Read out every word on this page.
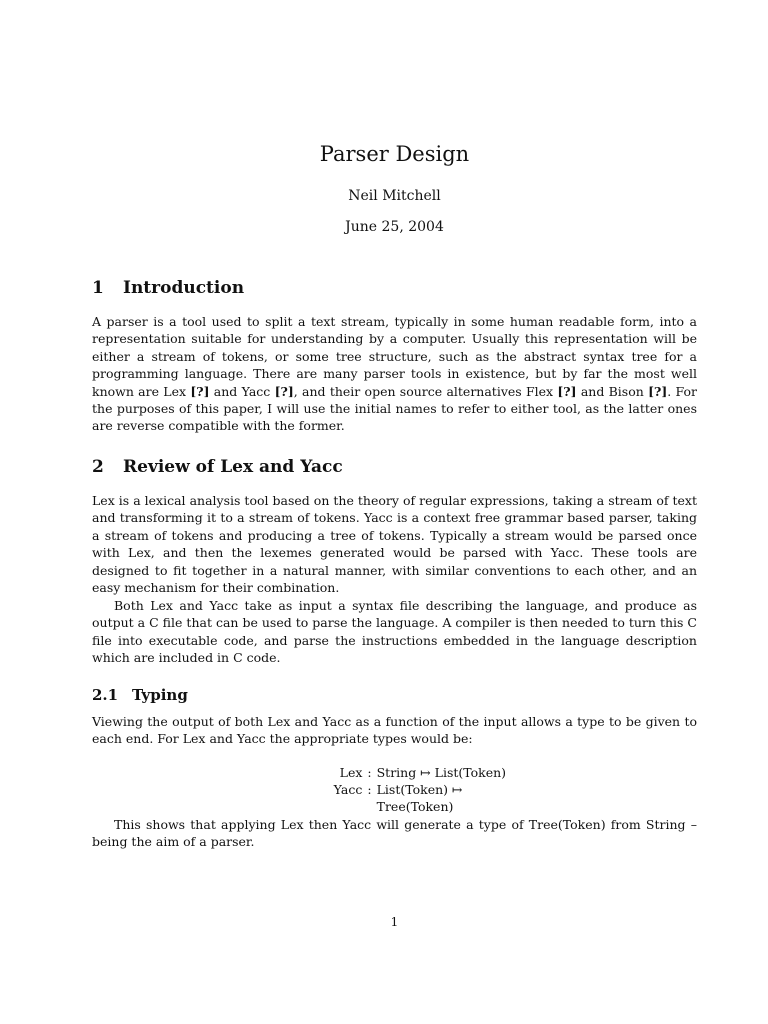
Parser Design
Neil Mitchell
June 25, 2004
1 Introduction

A parser is a tool used to split a text stream, typically in some human readable form, into a representation suitable for understanding by a computer. Usually this representation will be either a stream of tokens, or some tree structure, such as the abstract syntax tree for a programming language. There are many parser tools in existence, but by far the most well known are Lex [?] and Yacc [?], and their open source alternatives Flex [?] and Bison [?]. For the purposes of this paper, I will use the initial names to refer to either tool, as the latter ones are reverse compatible with the former.

2 Review of Lex and Yacc

Lex is a lexical analysis tool based on the theory of regular expressions, taking a stream of text and transforming it to a stream of tokens. Yacc is a context free grammar based parser, taking a stream of tokens and producing a tree of tokens. Typically a stream would be parsed once with Lex, and then the lexemes generated would be parsed with Yacc. These tools are designed to fit together in a natural manner, with similar conventions to each other, and an easy mechanism for their combination.

Both Lex and Yacc take as input a syntax file describing the language, and produce as output a C file that can be used to parse the language. A compiler is then needed to turn this C file into executable code, and parse the instructions embedded in the language description which are included in C code.

2.1 Typing

Viewing the output of both Lex and Yacc as a function of the input allows a type to be given to each end. For Lex and Yacc the appropriate types would be:

Lex : String ↦ List(Token)
Yacc : List(Token) ↦ Tree(Token)

This shows that applying Lex then Yacc will generate a type of Tree(Token) from String – being the aim of a parser.

1
